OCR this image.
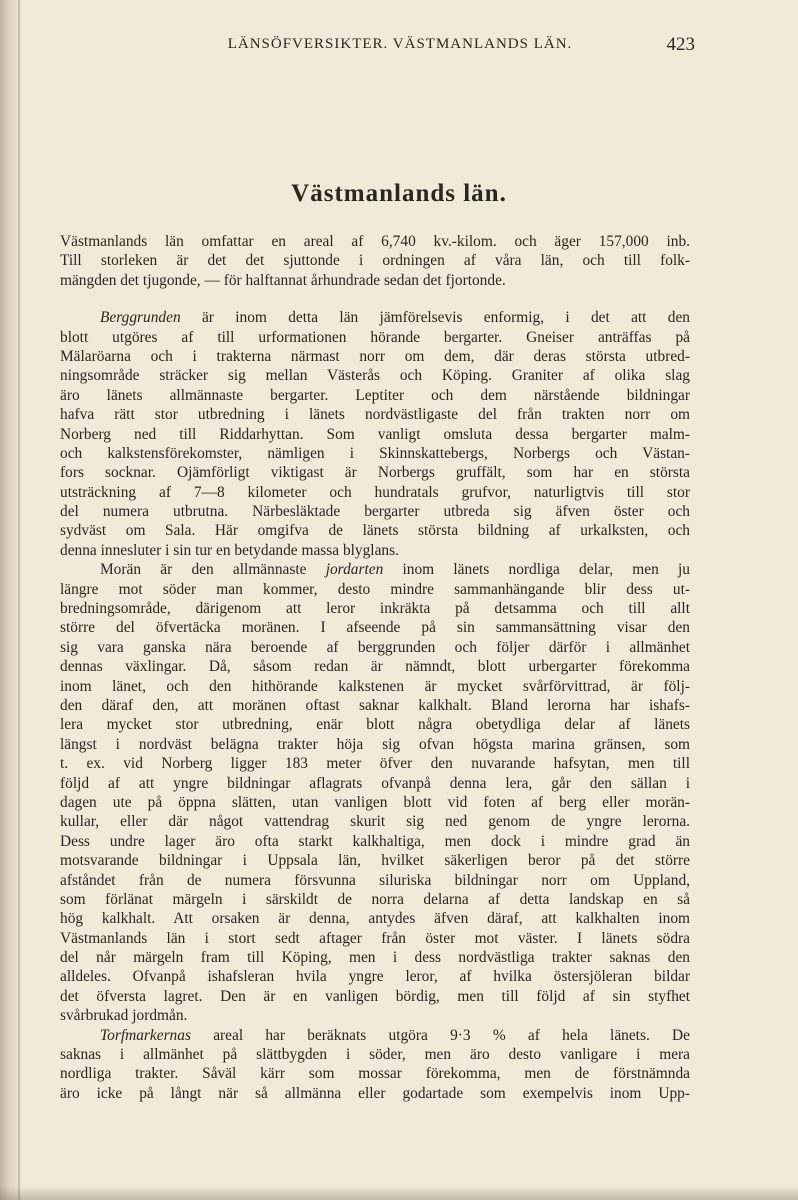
LÄNSÖFVERSIKTER. VÄSTMANLANDS LÄN.	423
Västmanlands län.
Västmanlands län omfattar en areal af 6,740 kv.-kilom. och äger 157,000 inb.
Till storleken är det det sjuttonde i ordningen af våra län, och till folk-
mängden det tjugonde, — för halftannat århundrade sedan det fjortonde.
Berggrunden är inom detta län jämförelsevis enformig, i det att den
blott utgöres af till urformationen hörande bergarter. Gneiser anträffas på
Mälaröarna och i trakterna närmast norr om dem, där deras största utbred-
ningsområde sträcker sig mellan Västerås och Köping. Graniter af olika slag
äro länets allmännaste bergarter. Leptiter och dem närstående bildningar
hafva rätt stor utbredning i länets nordvästligaste del från trakten norr om
Norberg ned till Riddarhyttan. Som vanligt omsluta dessa bergarter malm-
och kalkstensförekomster, nämligen i Skinnskattebergs, Norbergs och Västan-
fors socknar. Ojämförligt viktigast är Norbergs gruffält, som har en största
utsträckning af 7—8 kilometer och hundratals grufvor, naturligtvis till stor
del numera utbrutna. Närbesläktade bergarter utbreda sig äfven öster och
sydväst om Sala. Här omgifva de länets största bildning af urkalksten, och
denna innesluter i sin tur en betydande massa blyglans.
Morän är den allmännaste jordarten inom länets nordliga delar, men ju
längre mot söder man kommer, desto mindre sammanhängande blir dess ut-
bredningsområde, därigenom att leror inkräkta på detsamma och till allt
större del öfvertäcka moränen. I afseende på sin sammansättning visar den
sig vara ganska nära beroende af berggrunden och följer därför i allmänhet
dennas växlingar. Då, såsom redan är nämndt, blott urbergarter förekomma
inom länet, och den hithörande kalkstenen är mycket svårförvittrad, är följ-
den däraf den, att moränen oftast saknar kalkhalt. Bland lerorna har ishafs-
lera mycket stor utbredning, enär blott några obetydliga delar af länets
längst i nordväst belägna trakter höja sig ofvan högsta marina gränsen, som
t. ex. vid Norberg ligger 183 meter öfver den nuvarande hafsytan, men till
följd af att yngre bildningar aflagrats ofvanpå denna lera, går den sällan i
dagen ute på öppna slätten, utan vanligen blott vid foten af berg eller morän-
kullar, eller där något vattendrag skurit sig ned genom de yngre lerorna.
Dess undre lager äro ofta starkt kalkhaltiga, men dock i mindre grad än
motsvarande bildningar i Uppsala län, hvilket säkerligen beror på det större
afståndet från de numera försvunna siluriska bildningar norr om Uppland,
som förlänat märgeln i särskildt de norra delarna af detta landskap en så
hög kalkhalt. Att orsaken är denna, antydes äfven däraf, att kalkhalten inom
Västmanlands län i stort sedt aftager från öster mot väster. I länets södra
del når märgeln fram till Köping, men i dess nordvästliga trakter saknas den
alldeles. Ofvanpå ishafsleran hvila yngre leror, af hvilka östersjöleran bildar
det öfversta lagret. Den är en vanligen bördig, men till följd af sin styfhet
svårbrukad jordmån.
Torfmarkernas areal har beräknats utgöra 9·3 % af hela länets. De
saknas i allmänhet på slättbygden i söder, men äro desto vanligare i mera
nordliga trakter. Såväl kärr som mossar förekomma, men de förstnämnda
äro icke på långt när så allmänna eller godartade som exempelvis inom Upp-
